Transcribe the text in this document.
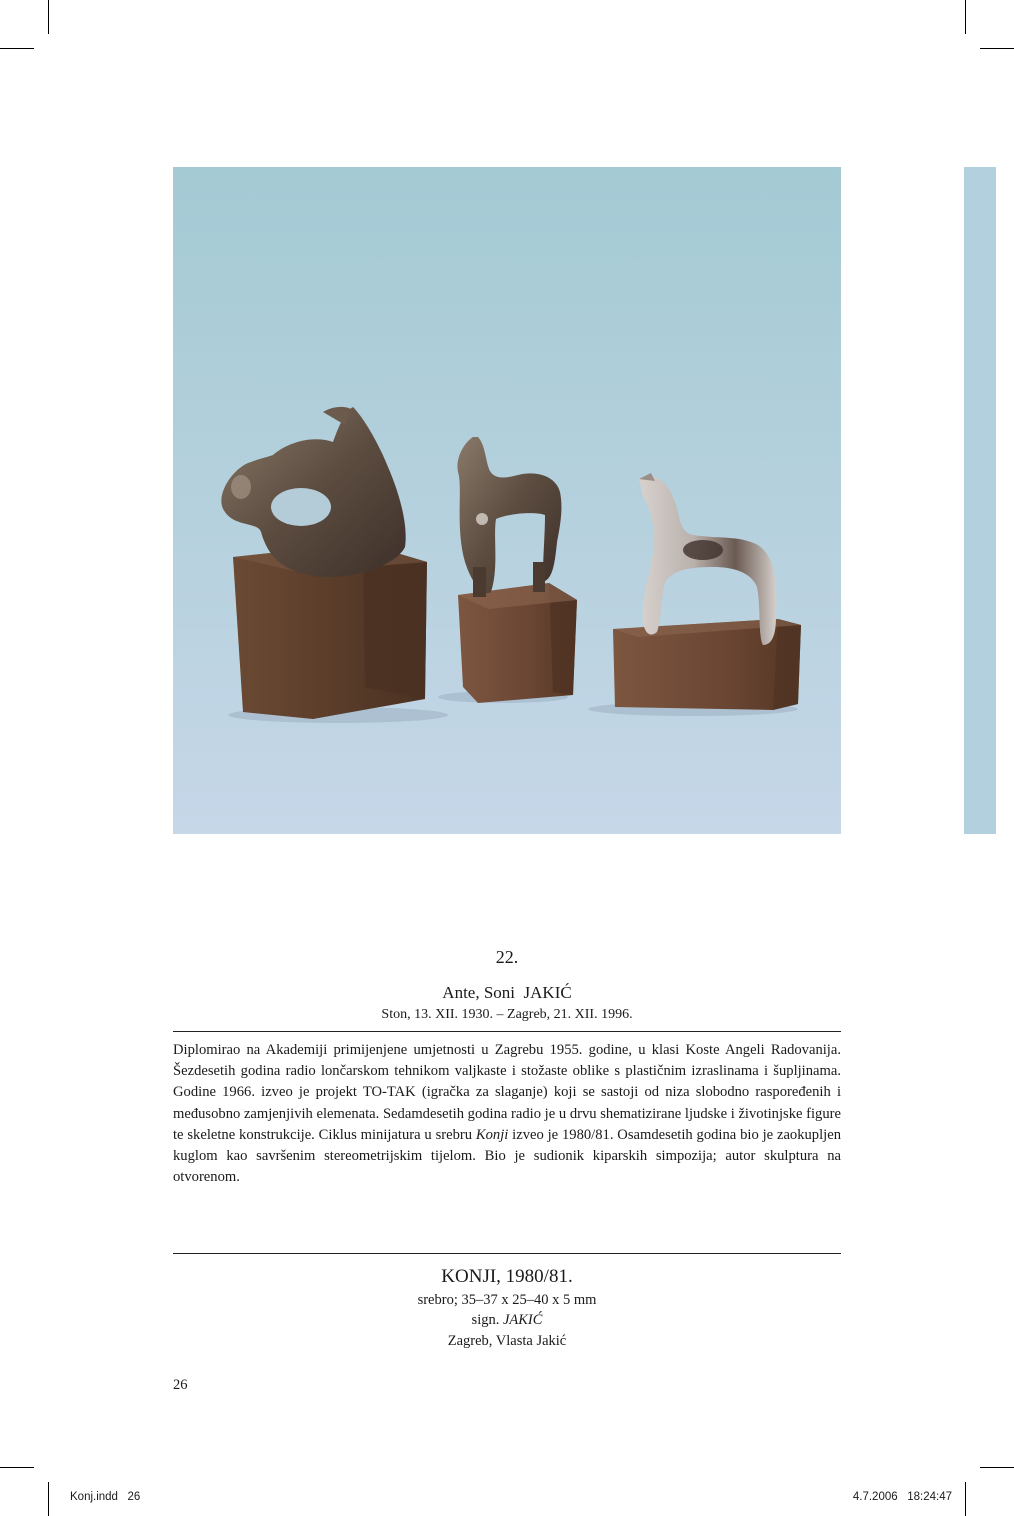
22.
Ante, Soni  JAKIĆ
Ston, 13. XII. 1930. – Zagreb, 21. XII. 1996.
Diplomirao na Akademiji primijenjene umjetnosti u Zagrebu 1955. godine, u klasi Koste Angeli Radovanija. Šezdesetih godina radio lončarskom tehnikom valjkaste i stožaste oblike s plastičnim izraslinama i šupljinama. Godine 1966. izveo je projekt TO-TAK (igračka za slaganje) koji se sastoji od niza slobodno raspoređenih i međusobno zamjenjivih elemenata. Sedamdesetih godina radio je u drvu shematizirane ljudske i životinjske figure te skeletne konstrukcije. Ciklus minijatura u srebru Konji izveo je 1980/81. Osamdesetih godina bio je zaokupljen kuglom kao savršenim stereometrijskim tijelom. Bio je sudionik kiparskih simpozija; autor skulptura na otvorenom.
KONJI, 1980/81.
srebro; 35–37 x 25–40 x 5 mm
sign. JAKIĆ
Zagreb, Vlasta Jakić
26
Konj.indd   26	4.7.2006   18:24:47
